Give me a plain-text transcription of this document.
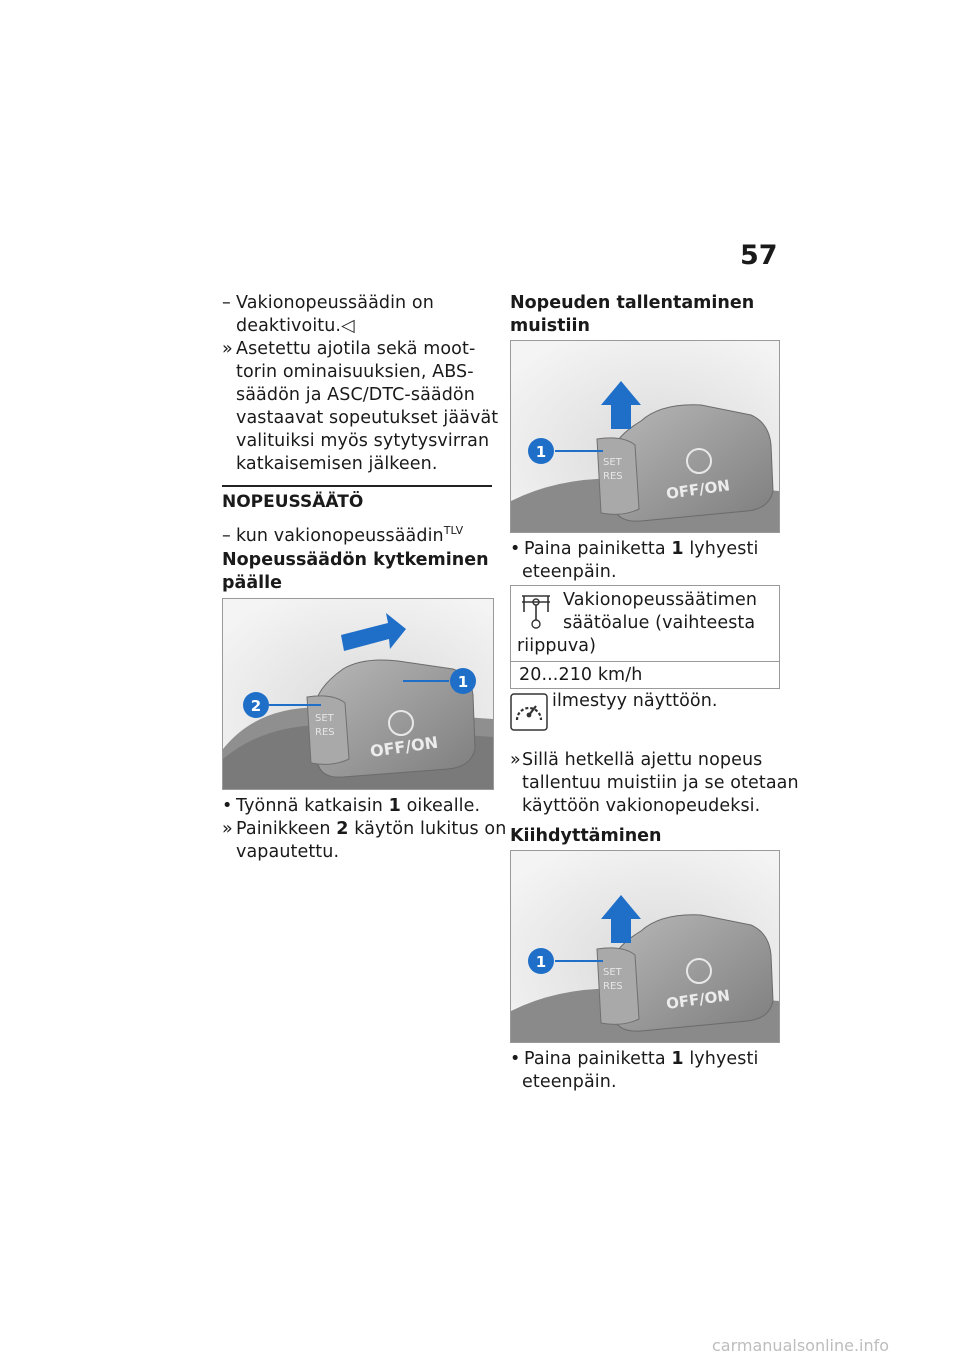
57
– Vakionopeussäädin on
deaktivoitu.◁
» Asetettu ajotila sekä moot-
torin ominaisuuksien, ABS-
säädön ja ASC/DTC-säädön
vastaavat sopeutukset jäävät
valituiksi myös sytytysvirran
katkaisemisen jälkeen.
NOPEUSSÄÄTÖ
– kun vakionopeussäädin$^{TLV}$
Nopeussäädön kytkeminen
päälle
SET
RES
OFF/ON
1
2
• Työnnä katkaisin 1 oikealle.
» Painikkeen 2 käytön lukitus on
vapautettu.
Nopeuden tallentaminen
muistiin
SET
RES	OFF/ON
1
• Paina painiketta 1 lyhyesti
eteenpäin.
Vakionopeussäätimen
säätöalue (vaihteesta
riippuva)
20...210 km/h
ilmestyy näyttöön.
» Sillä hetkellä ajettu nopeus
tallentuu muistiin ja se otetaan
käyttöön vakionopeudeksi.
Kiihdyttäminen
SET
RES	OFF/ON
1
• Paina painiketta 1 lyhyesti
eteenpäin.
carmanualsonline.info
